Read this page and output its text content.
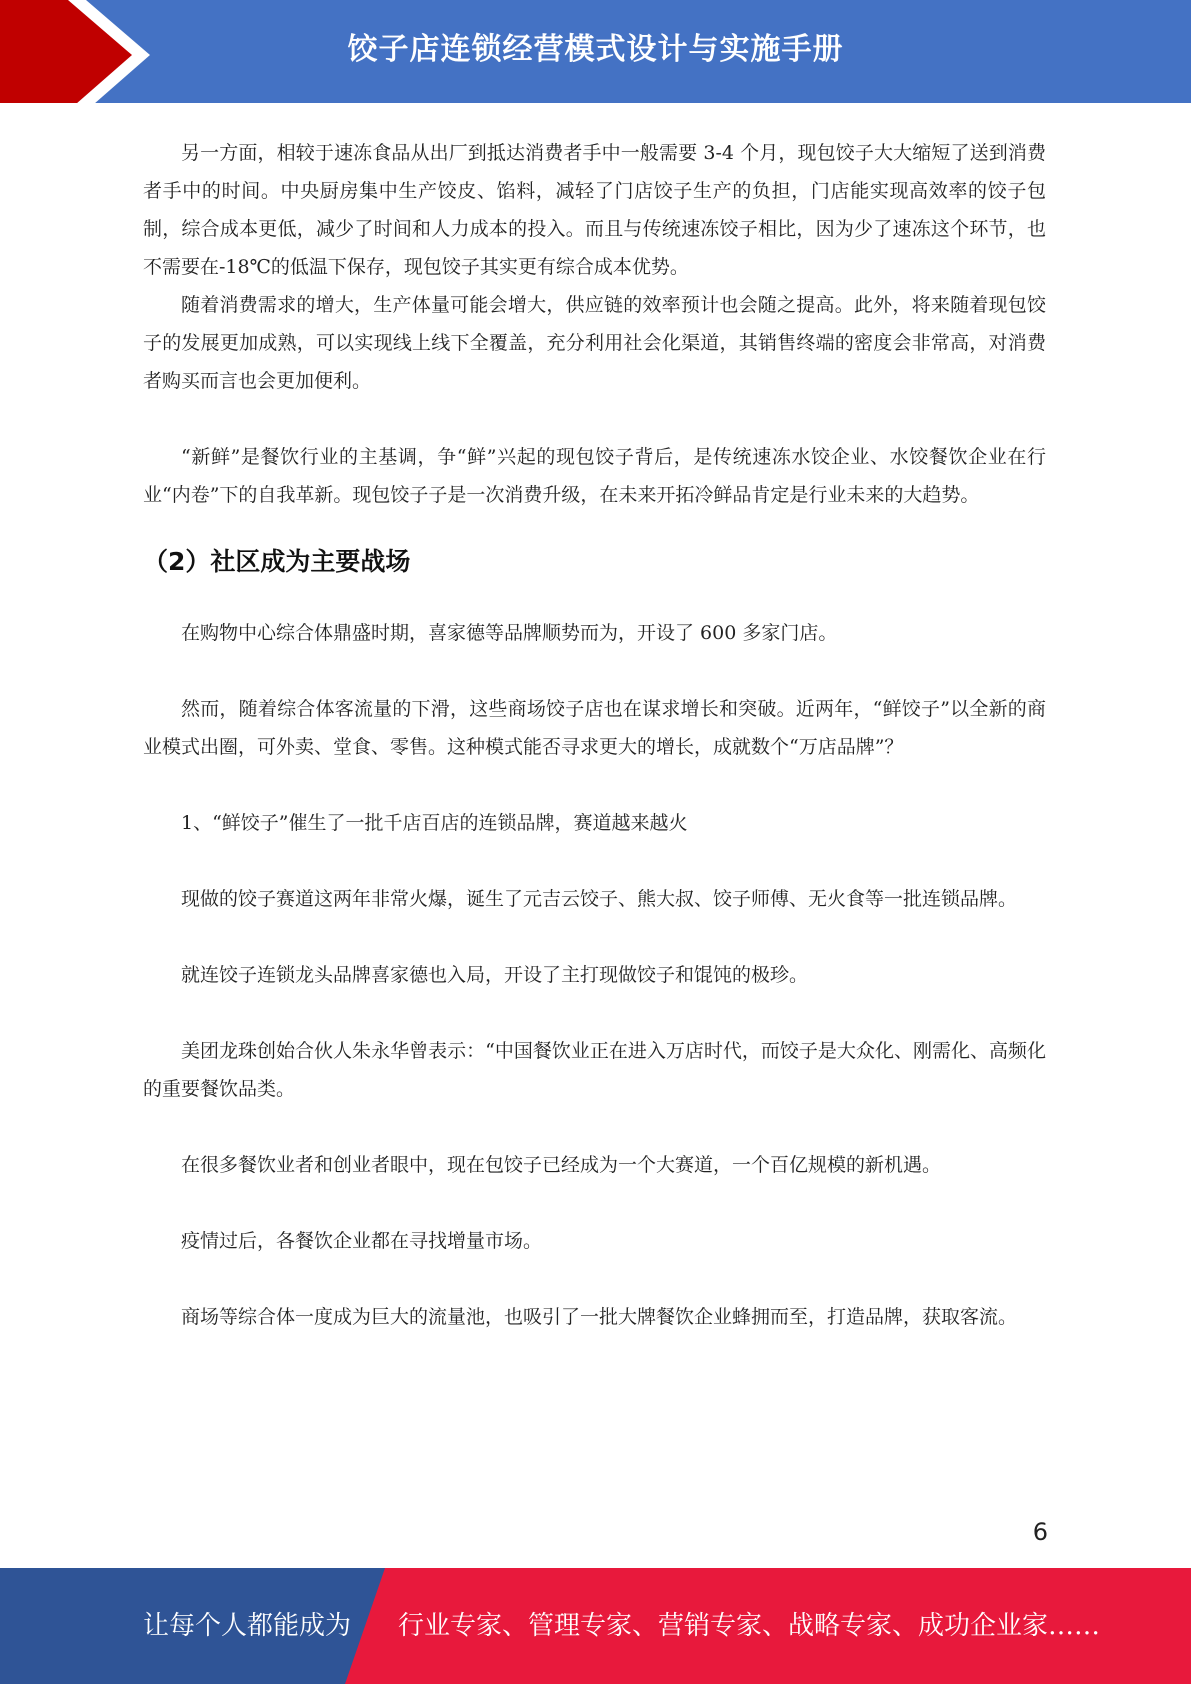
饺子店连锁经营模式设计与实施手册

另一方面，相较于速冻食品从出厂到抵达消费者手中一般需要 3-4 个月，现包饺子大大缩短了送到消费者手中的时间。中央厨房集中生产饺皮、馅料，减轻了门店饺子生产的负担，门店能实现高效率的饺子包制，综合成本更低，减少了时间和人力成本的投入。而且与传统速冻饺子相比，因为少了速冻这个环节，也不需要在-18℃的低温下保存，现包饺子其实更有综合成本优势。

随着消费需求的增大，生产体量可能会增大，供应链的效率预计也会随之提高。此外，将来随着现包饺子的发展更加成熟，可以实现线上线下全覆盖，充分利用社会化渠道，其销售终端的密度会非常高，对消费者购买而言也会更加便利。

“新鲜”是餐饮行业的主基调，争“鲜”兴起的现包饺子背后，是传统速冻水饺企业、水饺餐饮企业在行业“内卷”下的自我革新。现包饺子子是一次消费升级，在未来开拓冷鲜品肯定是行业未来的大趋势。

（2）社区成为主要战场

在购物中心综合体鼎盛时期，喜家德等品牌顺势而为，开设了 600 多家门店。

然而，随着综合体客流量的下滑，这些商场饺子店也在谋求增长和突破。近两年，“鲜饺子”以全新的商业模式出圈，可外卖、堂食、零售。这种模式能否寻求更大的增长，成就数个“万店品牌”？

1、“鲜饺子”催生了一批千店百店的连锁品牌，赛道越来越火

现做的饺子赛道这两年非常火爆，诞生了元吉云饺子、熊大叔、饺子师傅、无火食等一批连锁品牌。

就连饺子连锁龙头品牌喜家德也入局，开设了主打现做饺子和馄饨的极珍。

美团龙珠创始合伙人朱永华曾表示：“中国餐饮业正在进入万店时代，而饺子是大众化、刚需化、高频化的重要餐饮品类。

在很多餐饮业者和创业者眼中，现在包饺子已经成为一个大赛道，一个百亿规模的新机遇。

疫情过后，各餐饮企业都在寻找增量市场。

商场等综合体一度成为巨大的流量池，也吸引了一批大牌餐饮企业蜂拥而至，打造品牌，获取客流。

6
让每个人都能成为 行业专家、管理专家、营销专家、战略专家、成功企业家……
